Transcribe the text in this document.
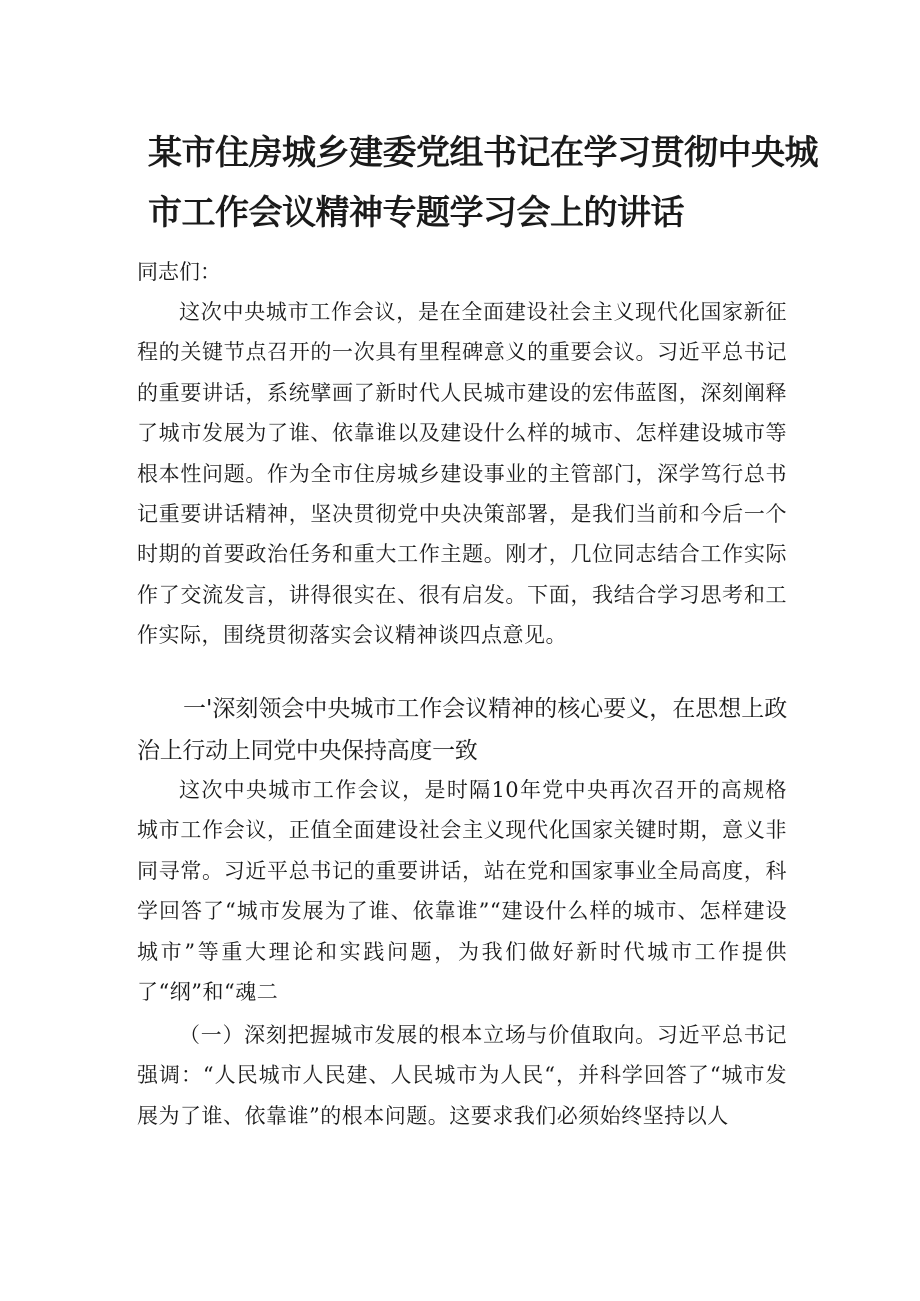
某市住房城乡建委党组书记在学习贯彻中央城
市工作会议精神专题学习会上的讲话

同志们：

这次中央城市工作会议，是在全面建设社会主义现代化国家新征程的关键节点召开的一次具有里程碑意义的重要会议。习近平总书记的重要讲话，系统擘画了新时代人民城市建设的宏伟蓝图，深刻阐释了城市发展为了谁、依靠谁以及建设什么样的城市、怎样建设城市等根本性问题。作为全市住房城乡建设事业的主管部门，深学笃行总书记重要讲话精神，坚决贯彻党中央决策部署，是我们当前和今后一个时期的首要政治任务和重大工作主题。刚才，几位同志结合工作实际作了交流发言，讲得很实在、很有启发。下面，我结合学习思考和工作实际，围绕贯彻落实会议精神谈四点意见。

一'深刻领会中央城市工作会议精神的核心要义，在思想上政治上行动上同党中央保持高度一致

这次中央城市工作会议，是时隔10年党中央再次召开的高规格城市工作会议，正值全面建设社会主义现代化国家关键时期，意义非同寻常。习近平总书记的重要讲话，站在党和国家事业全局高度，科学回答了“城市发展为了谁、依靠谁”“建设什么样的城市、怎样建设城市”等重大理论和实践问题，为我们做好新时代城市工作提供了“纲”和“魂二

（一）深刻把握城市发展的根本立场与价值取向。习近平总书记强调：“人民城市人民建、人民城市为人民“，并科学回答了“城市发展为了谁、依靠谁”的根本问题。这要求我们必须始终坚持以人
